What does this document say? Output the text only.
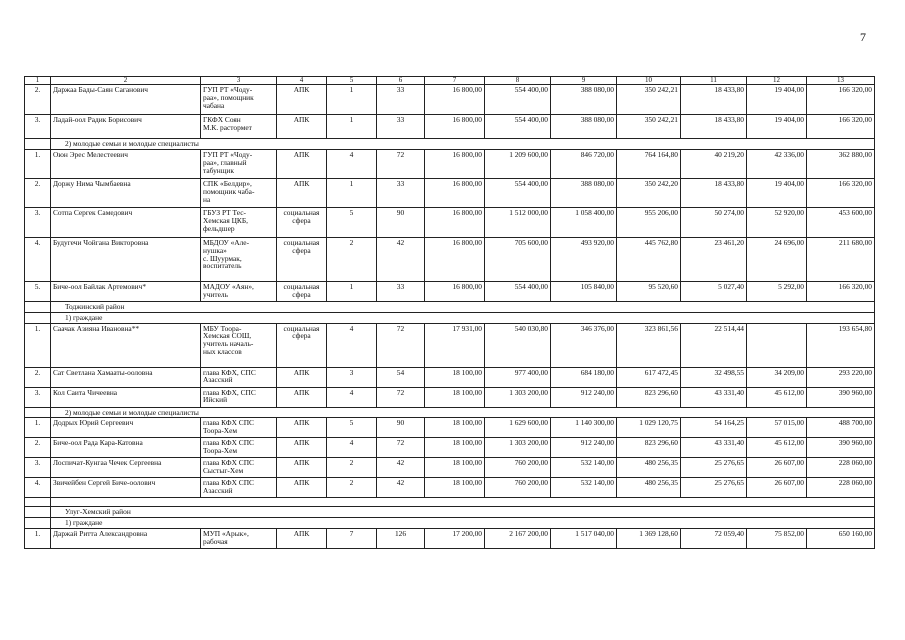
7
1	2	3	4	5	6	7	8	9	10	11	12	13
2.	Даржаа Бады-Саян Саганович	ГУП РТ «Чоду-
раа», помощник
чабана	АПК	1	33	16 800,00	554 400,00	388 080,00	350 242,21	18 433,80	19 404,00	166 320,00
3.	Ладай-оол Радик Борисович	ГКФХ Соян
М.К. растормет	АПК	1	33	16 800,00	554 400,00	388 080,00	350 242,21	18 433,80	19 404,00	166 320,00
	2) молодые семьи и молодые специалисты											
1.	Оюн Эрес Мелестеевич	ГУП РТ «Чоду-
раа», главный
табунщик	АПК	4	72	16 800,00	1 209 600,00	846 720,00	764 164,80	40 219,20	42 336,00	362 880,00
2.	Доржу Нима Чымбаевна	СПК «Белдир»,
помощник чаба-
на	АПК	1	33	16 800,00	554 400,00	388 080,00	350 242,20	18 433,80	19 404,00	166 320,00
3.	Сотпа Сергек Самедович	ГБУЗ РТ Тес-
Хемская ЦКБ,
фельдшер	социальная
сфера	5	90	16 800,00	1 512 000,00	1 058 400,00	955 206,00	50 274,00	52 920,00	453 600,00
4.	Будугечи Чойгана Викторовна	МБДОУ «Але-
нушка»
с. Шуурмак,
воспитатель	социальная
сфера	2	42	16 800,00	705 600,00	493 920,00	445 762,80	23 461,20	24 696,00	211 680,00
5.	Биче-оол Байлак Артемович*	МАДОУ «Аян»,
учитель	социальная
сфера	1	33	16 800,00	554 400,00	105 840,00	95 520,60	5 027,40	5 292,00	166 320,00
	Тоджинский район											
	1) граждане											
1.	Саачак Азияна Ивановна**	МБУ Тоора-
Хемская СОШ,
учитель началь-
ных классов	социальная
сфера	4	72	17 931,00	540 030,80	346 376,00	323 861,56	22 514,44		193 654,80
2.	Сат Светлана Хамааты-ооловна	глава КФХ, СПС
Азасский	АПК	3	54	18 100,00	977 400,00	684 180,00	617 472,45	32 498,55	34 209,00	293 220,00
3.	Кол Саита Чичеевна	глава КФХ, СПС
Ийский	АПК	4	72	18 100,00	1 303 200,00	912 240,00	823 296,60	43 331,40	45 612,00	390 960,00
	2) молодые семьи и молодые специалисты											
1.	Додрых Юрий Сергеевич	глава КФХ СПС
Тоора-Хем	АПК	5	90	18 100,00	1 629 600,00	1 140 300,00	1 029 120,75	54 164,25	57 015,00	488 700,00
2.	Биче-оол Рада Кара-Катовна	глава КФХ СПС
Тоора-Хем	АПК	4	72	18 100,00	1 303 200,00	912 240,00	823 296,60	43 331,40	45 612,00	390 960,00
3.	Лоспичат-Кунгаа Чечек Сергеевна	глава КФХ СПС
Сыстыг-Хем	АПК	2	42	18 100,00	760 200,00	532 140,00	480 256,35	25 276,65	26 607,00	228 060,00
4.	Звичейбен Сергей Биче-оолович	глава КФХ СПС
Азасский	АПК	2	42	18 100,00	760 200,00	532 140,00	480 256,35	25 276,65	26 607,00	228 060,00

	Улуг-Хемский район											
	1) граждане											
1.	Даржай Ритта Александровна	МУП «Арык»,
рабочая	АПК	7	126	17 200,00	2 167 200,00	1 517 040,00	1 369 128,60	72 059,40	75 852,00	650 160,00
